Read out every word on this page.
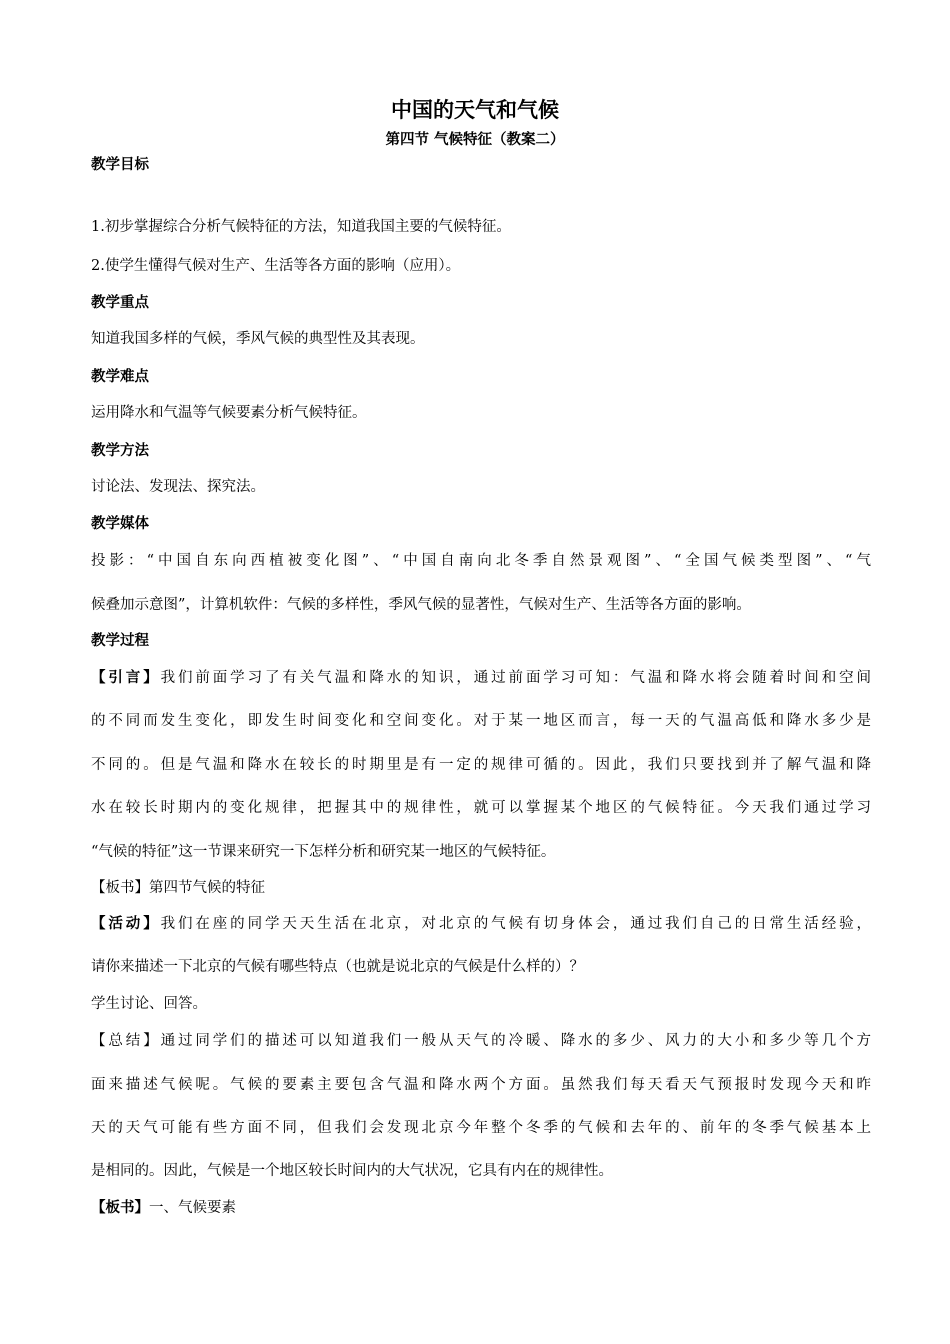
中国的天气和气候
第四节 气候特征（教案二）
教学目标
1.初步掌握综合分析气候特征的方法，知道我国主要的气候特征。
2.使学生懂得气候对生产、生活等各方面的影响（应用）。
教学重点
知道我国多样的气候，季风气候的典型性及其表现。
教学难点
运用降水和气温等气候要素分析气候特征。
教学方法
讨论法、发现法、探究法。
教学媒体
投影：“中国自东向西植被变化图”、“中国自南向北冬季自然景观图”、“全国气候类型图”、“气
候叠加示意图”，计算机软件：气候的多样性，季风气候的显著性，气候对生产、生活等各方面的影响。
教学过程
【引言】我们前面学习了有关气温和降水的知识，通过前面学习可知：气温和降水将会随着时间和空间
的不同而发生变化，即发生时间变化和空间变化。对于某一地区而言，每一天的气温高低和降水多少是
不同的。但是气温和降水在较长的时期里是有一定的规律可循的。因此，我们只要找到并了解气温和降
水在较长时期内的变化规律，把握其中的规律性，就可以掌握某个地区的气候特征。今天我们通过学习
“气候的特征”这一节课来研究一下怎样分析和研究某一地区的气候特征。
【板书】第四节气候的特征
【活动】我们在座的同学天天生活在北京，对北京的气候有切身体会，通过我们自己的日常生活经验，
请你来描述一下北京的气候有哪些特点（也就是说北京的气候是什么样的）？
学生讨论、回答。
【总结】通过同学们的描述可以知道我们一般从天气的冷暖、降水的多少、风力的大小和多少等几个方
面来描述气候呢。气候的要素主要包含气温和降水两个方面。虽然我们每天看天气预报时发现今天和昨
天的天气可能有些方面不同，但我们会发现北京今年整个冬季的气候和去年的、前年的冬季气候基本上
是相同的。因此，气候是一个地区较长时间内的大气状况，它具有内在的规律性。
【板书】一、气候要素
